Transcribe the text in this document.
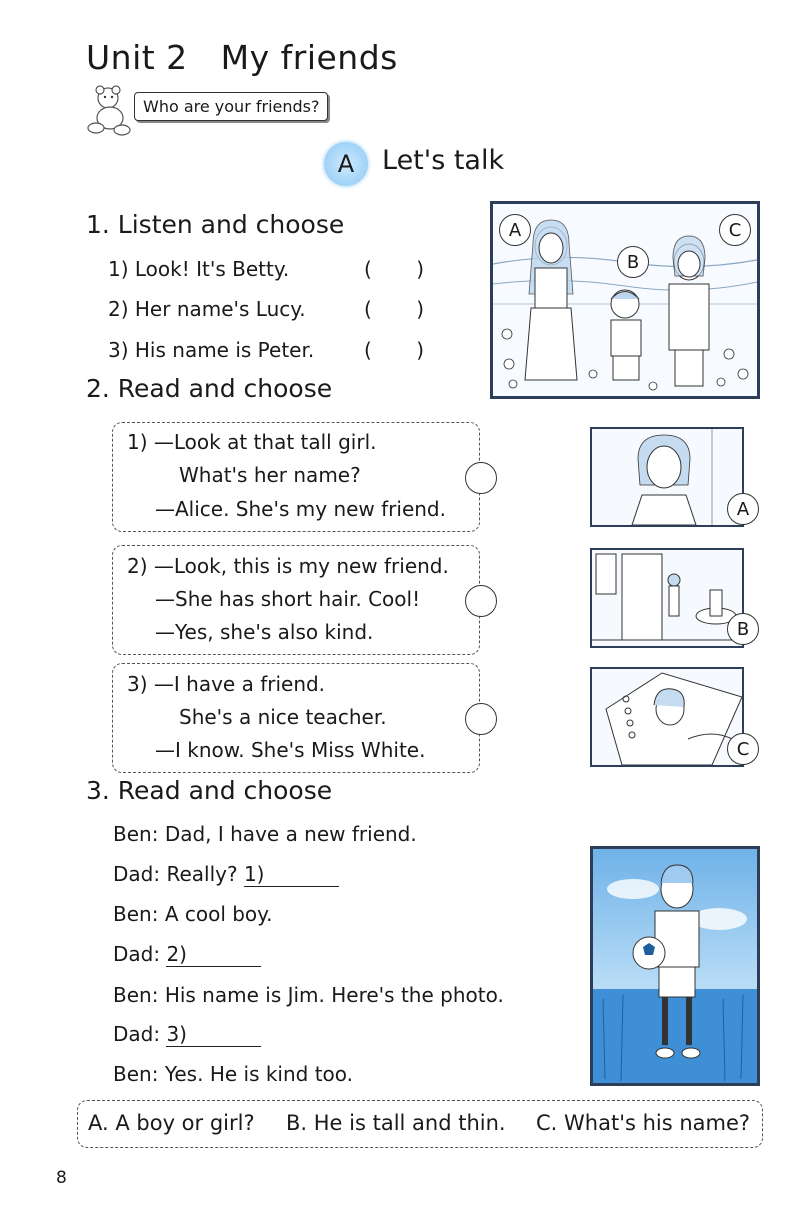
Unit 2 My friends
Who are your friends?
A	Let's talk
1. Listen and choose
1) Look! It's Betty.	( )
2) Her name's Lucy.	( )
3) His name is Peter. ( )
A
B
C
2. Read and choose
1) —Look at that tall girl.
What's her name?
—Alice. She's my new friend.
2) —Look, this is my new friend.
—She has short hair. Cool!
—Yes, she's also kind.
3) —I have a friend.
She's a nice teacher.
—I know. She's Miss White.
A
B
C
3. Read and choose
Ben: Dad, I have a new friend.
Dad: Really? 1)
Ben: A cool boy.
Dad: 2)
Ben: His name is Jim. Here's the photo.
Dad: 3)
Ben: Yes. He is kind too.
A. A boy or girl? B. He is tall and thin. C. What's his name?
8
